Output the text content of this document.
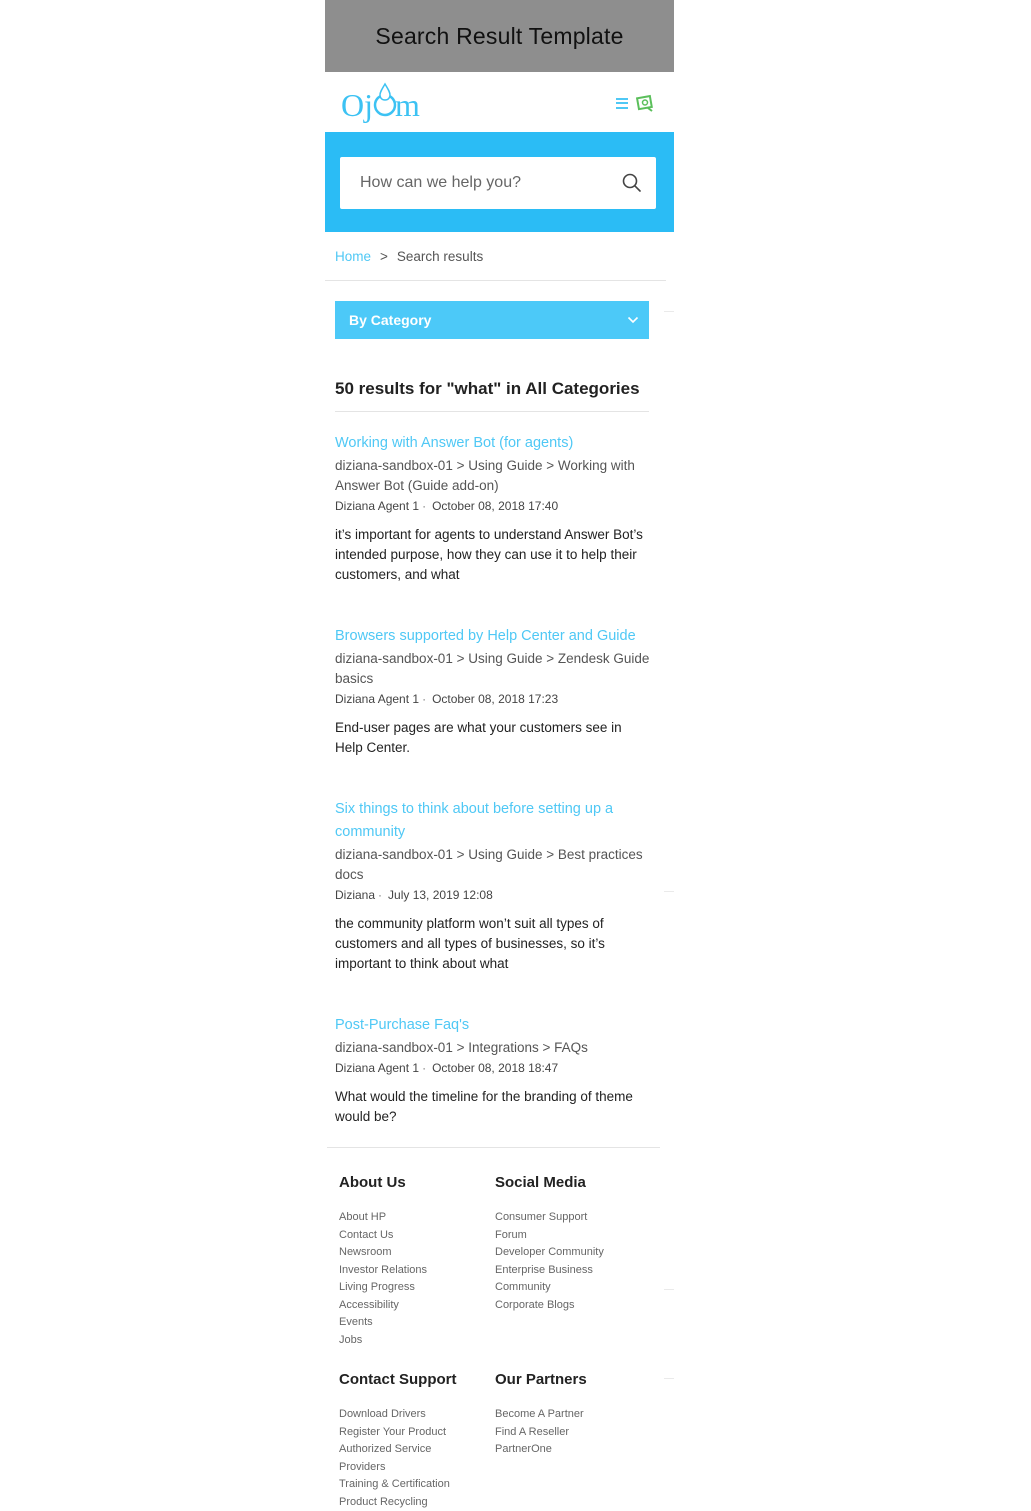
Search Result Template
Oj m
How can we help you?
Home > Search results
By Category
50 results for "what" in All Categories
Working with Answer Bot (for agents)
diziana-sandbox-01 > Using Guide > Working with Answer Bot (Guide add-on)
Diziana Agent 1 · October 08, 2018 17:40
it’s important for agents to understand Answer Bot’s intended purpose, how they can use it to help their customers, and what
Browsers supported by Help Center and Guide
diziana-sandbox-01 > Using Guide > Zendesk Guide basics
Diziana Agent 1 · October 08, 2018 17:23
End-user pages are what your customers see in Help Center.
Six things to think about before setting up a community
diziana-sandbox-01 > Using Guide > Best practices docs
Diziana · July 13, 2019 12:08
the community platform won’t suit all types of customers and all types of businesses, so it’s important to think about what
Post-Purchase Faq's
diziana-sandbox-01 > Integrations > FAQs
Diziana Agent 1 · October 08, 2018 18:47
What would the timeline for the branding of theme would be?
About Us
About HP
Contact Us
Newsroom
Investor Relations
Living Progress
Accessibility
Events
Jobs
Social Media
Consumer Support
Forum
Developer Community
Enterprise Business
Community
Corporate Blogs
Contact Support
Download Drivers
Register Your Product
Authorized Service
Providers
Training & Certification
Product Recycling
Our Partners
Become A Partner
Find A Reseller
PartnerOne
